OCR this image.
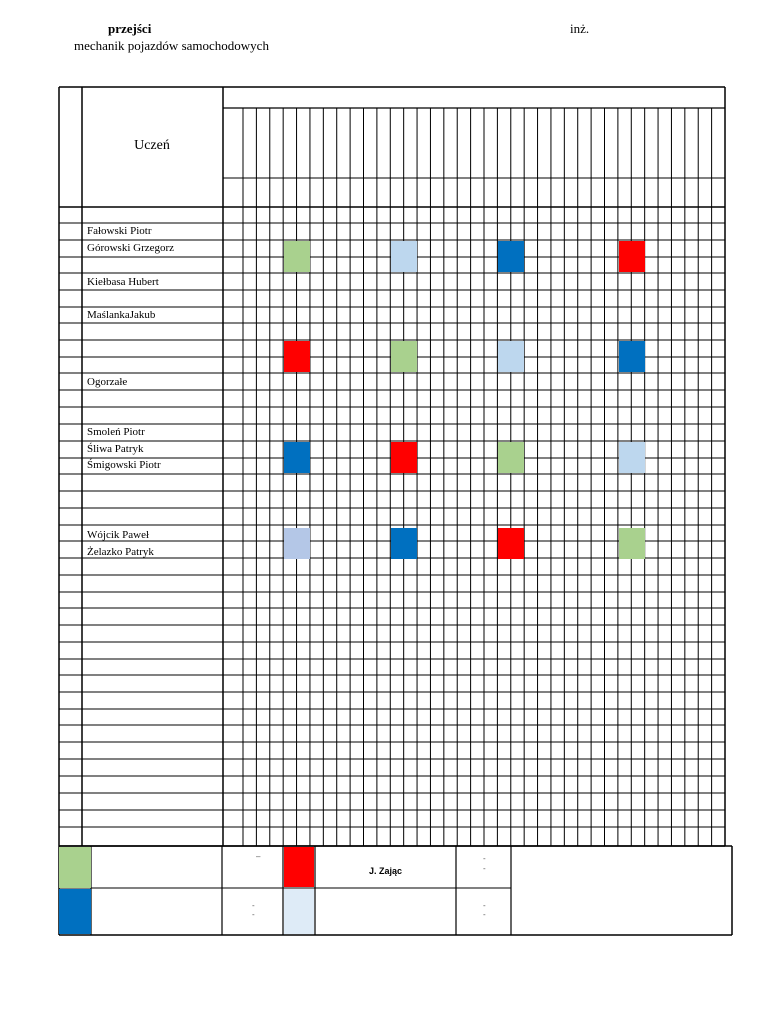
przejści
mechanik pojazdów samochodowych
inż.
Uczeń
Fałowski Piotr
Górowski Grzegorz
Kiełbasa Hubert
MaślankaJakub
Ogorzałe
Smoleń Piotr
Śliwa Patryk
Śmigowski Piotr
Wójcik Paweł
Żelazko Patryk
J. Zając
–
-
-
-
-
-
-
